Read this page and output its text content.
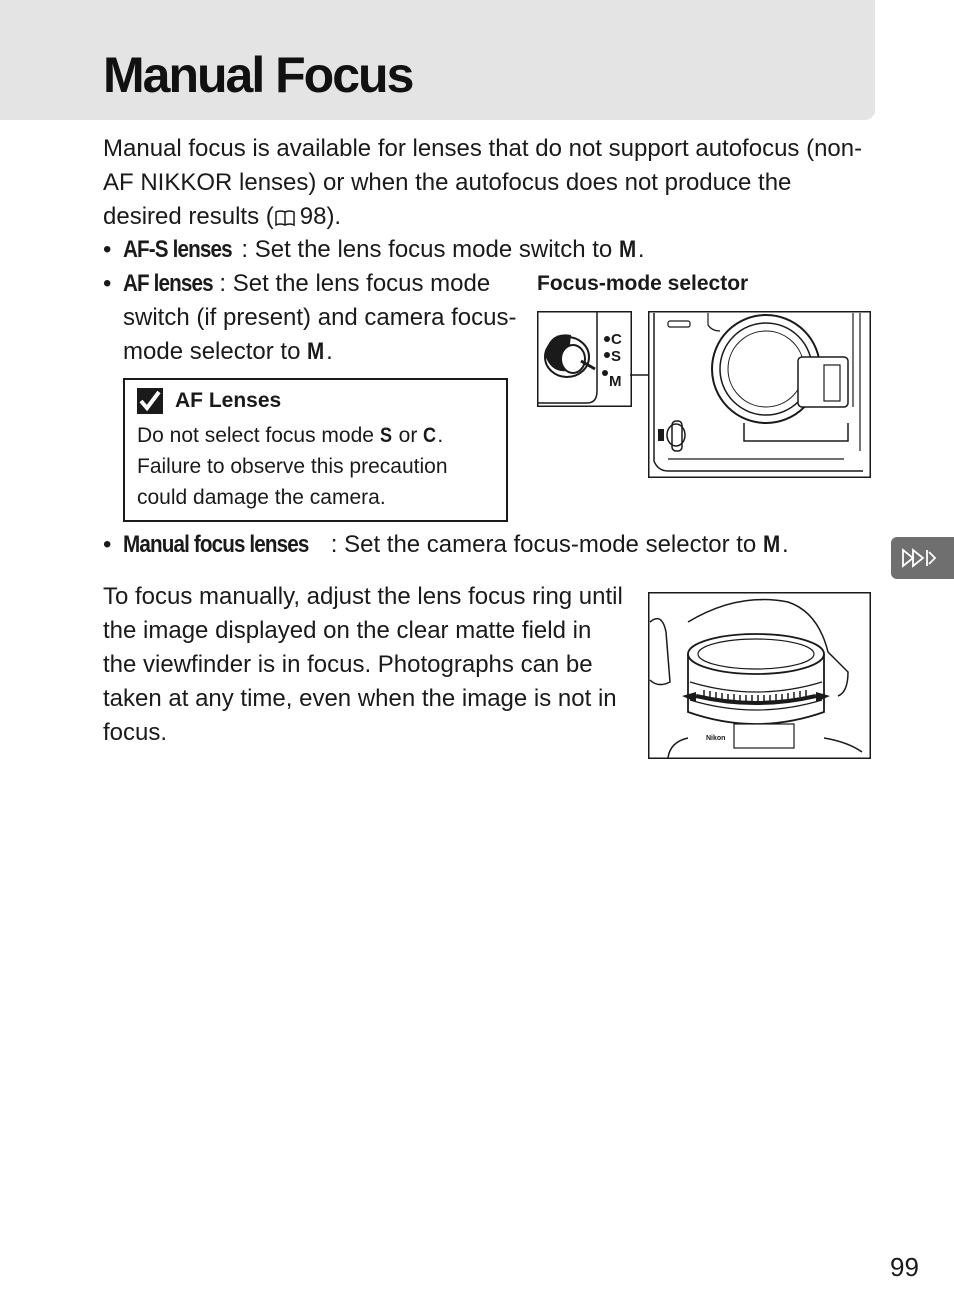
Manual Focus

Manual focus is available for lenses that do not support autofocus (non-AF NIKKOR lenses) or when the autofocus does not produce the desired results ( 98).

• AF-S lenses : Set the lens focus mode switch to M .

• AF lenses : Set the lens focus mode switch (if present) and camera focus-mode selector to M .

Focus-mode selector

C
S
M
AF Lenses

Do not select focus mode S or C. Failure to observe this precaution could damage the camera.

• Manual focus lenses : Set the camera focus-mode selector to M .

To focus manually, adjust the lens focus ring until the image displayed on the clear matte field in the viewfinder is in focus. Photographs can be taken at any time, even when the image is not in focus.	Nikon

99
